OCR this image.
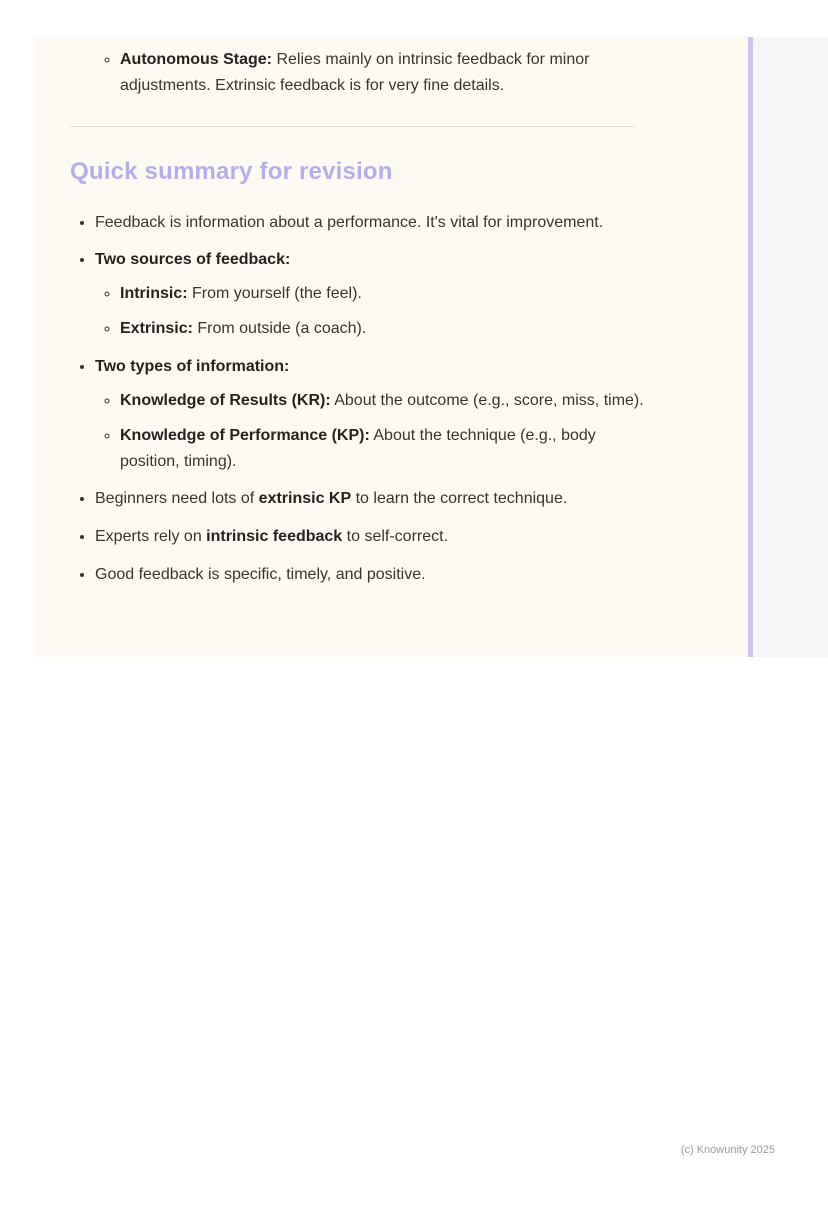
◦ Autonomous Stage: Relies mainly on intrinsic feedback for minor adjustments. Extrinsic feedback is for very fine details.
Quick summary for revision
• Feedback is information about a performance. It's vital for improvement.
• Two sources of feedback:
◦ Intrinsic: From yourself (the feel).
◦ Extrinsic: From outside (a coach).
• Two types of information:
◦ Knowledge of Results (KR): About the outcome (e.g., score, miss, time).
◦ Knowledge of Performance (KP): About the technique (e.g., body position, timing).
• Beginners need lots of extrinsic KP to learn the correct technique.
• Experts rely on intrinsic feedback to self-correct.
• Good feedback is specific, timely, and positive.
(c) Knowunity 2025
